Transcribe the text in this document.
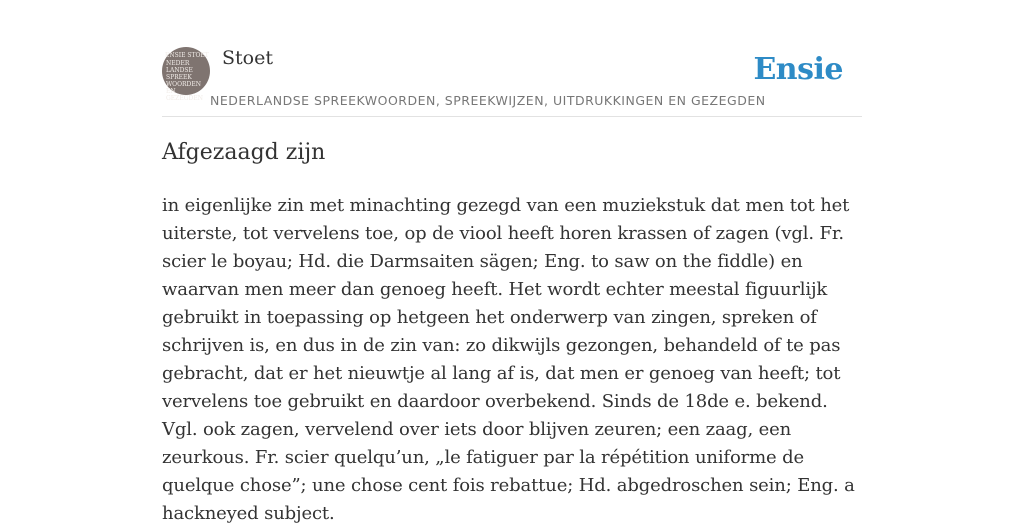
ENSIE STOET
NEDER
LANDSE
SPREEK
WOORDEN EN
GEZEGDEN
Stoet
NEDERLANDSE SPREEKWOORDEN, SPREEKWIJZEN, UITDRUKKINGEN EN GEZEGDEN
Ensie
Afgezaagd zijn

in eigenlijke zin met minachting gezegd van een muziekstuk dat men tot het uiterste, tot vervelens toe, op de viool heeft horen krassen of zagen (vgl. Fr. scier le boyau; Hd. die Darmsaiten sägen; Eng. to saw on the fiddle) en waarvan men meer dan genoeg heeft. Het wordt echter meestal figuurlijk gebruikt in toepassing op hetgeen het onderwerp van zingen, spreken of schrijven is, en dus in de zin van: zo dikwijls gezongen, behandeld of te pas gebracht, dat er het nieuwtje al lang af is, dat men er genoeg van heeft; tot vervelens toe gebruikt en daardoor overbekend. Sinds de 18de e. bekend. Vgl. ook zagen, vervelend over iets door blijven zeuren; een zaag, een zeurkous. Fr. scier quelqu’un, „le fatiguer par la répétition uniforme de quelque chose”; une chose cent fois rebattue; Hd. abgedroschen sein; Eng. a hackneyed subject.
